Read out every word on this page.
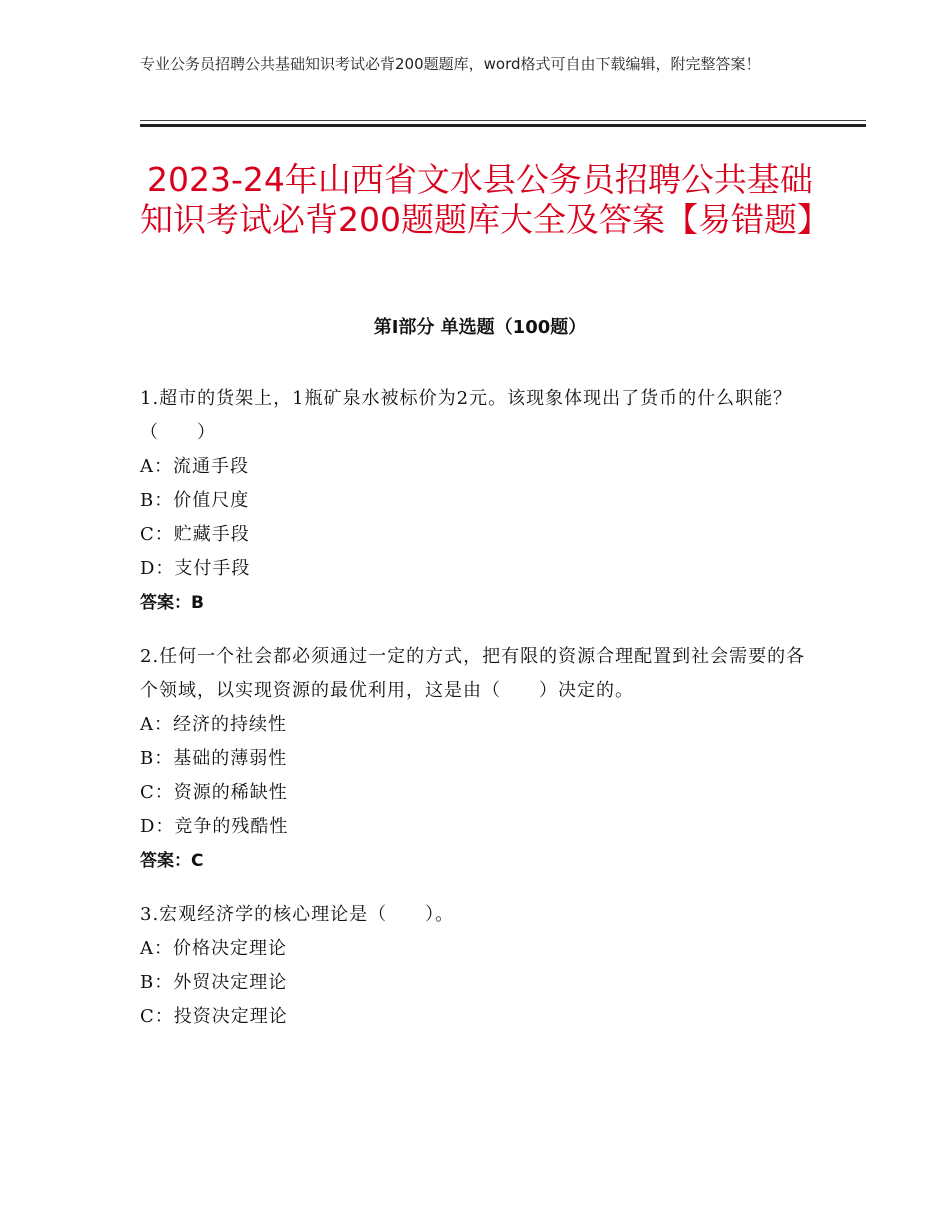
专业公务员招聘公共基础知识考试必背200题题库，word格式可自由下载编辑，附完整答案！
2023-24年山西省文水县公务员招聘公共基础知识考试必背200题题库大全及答案【易错题】
第Ⅰ部分 单选题（100题）

1.超市的货架上，1瓶矿泉水被标价为2元。该现象体现出了货币的什么职能？（　　）

A：流通手段

B：价值尺度

C：贮藏手段

D：支付手段

答案：B

2.任何一个社会都必须通过一定的方式，把有限的资源合理配置到社会需要的各个领域，以实现资源的最优利用，这是由（　　）决定的。

A：经济的持续性

B：基础的薄弱性

C：资源的稀缺性

D：竞争的残酷性

答案：C

3.宏观经济学的核心理论是（　　）。

A：价格决定理论

B：外贸决定理论

C：投资决定理论
